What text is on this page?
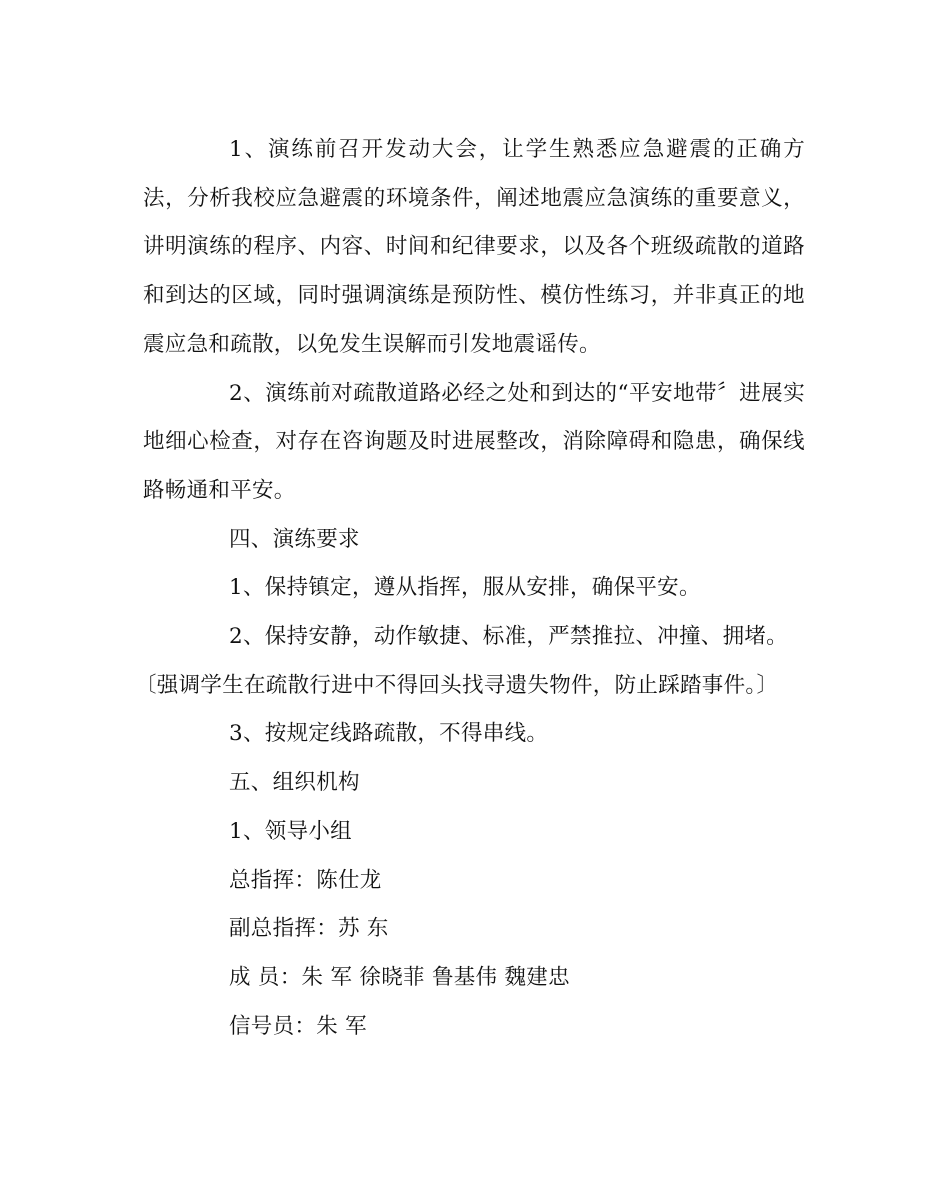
1、演练前召开发动大会，让学生熟悉应急避震的正确方法，分析我校应急避震的环境条件，阐述地震应急演练的重要意义，讲明演练的程序、内容、时间和纪律要求，以及各个班级疏散的道路和到达的区域，同时强调演练是预防性、模仿性练习，并非真正的地震应急和疏散，以免发生误解而引发地震谣传。

2、演练前对疏散道路必经之处和到达的“平安地带〞进展实地细心检查，对存在咨询题及时进展整改，消除障碍和隐患，确保线路畅通和平安。

四、演练要求

1、保持镇定，遵从指挥，服从安排，确保平安。

2、保持安静，动作敏捷、标准，严禁推拉、冲撞、拥堵。

〔强调学生在疏散行进中不得回头找寻遗失物件，防止踩踏事件。〕

3、按规定线路疏散，不得串线。

五、组织机构

1、领导小组

总指挥：陈仕龙

副总指挥：苏 东

成 员：朱 军 徐晓菲 鲁基伟 魏建忠

信号员：朱 军
